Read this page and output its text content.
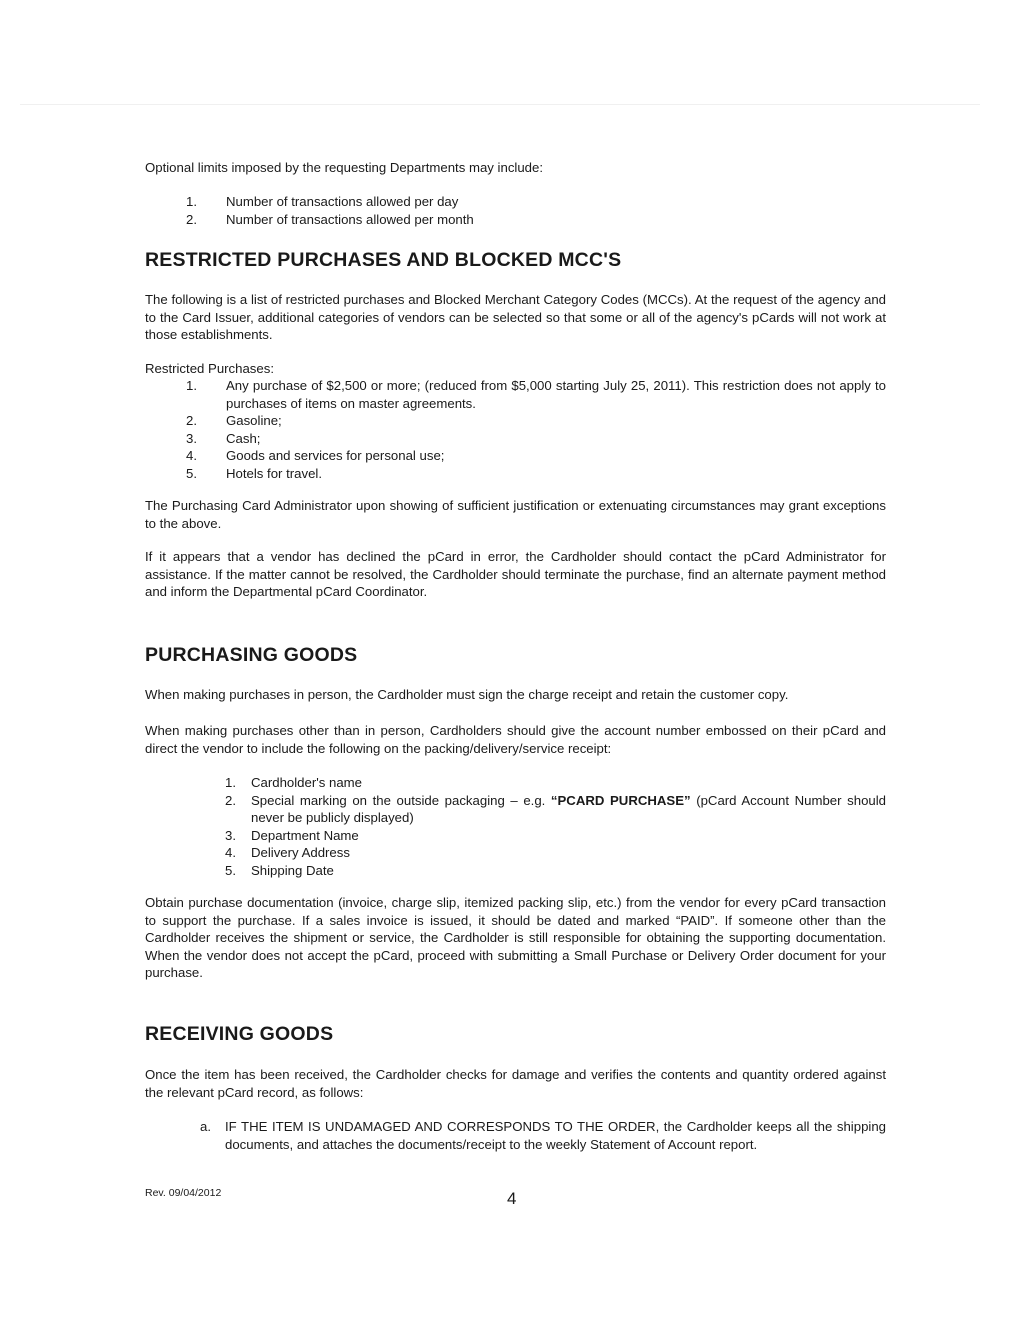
Optional limits imposed by the requesting Departments may include:

1. Number of transactions allowed per day
2. Number of transactions allowed per month
RESTRICTED PURCHASES AND BLOCKED MCC'S

The following is a list of restricted purchases and Blocked Merchant Category Codes (MCCs). At the request of the agency and to the Card Issuer, additional categories of vendors can be selected so that some or all of the agency's pCards will not work at those establishments.

Restricted Purchases:

1. Any purchase of $2,500 or more; (reduced from $5,000 starting July 25, 2011). This restriction does not apply to purchases of items on master agreements.
2. Gasoline;
3. Cash;
4. Goods and services for personal use;
5. Hotels for travel.

The Purchasing Card Administrator upon showing of sufficient justification or extenuating circumstances may grant exceptions to the above.

If it appears that a vendor has declined the pCard in error, the Cardholder should contact the pCard Administrator for assistance. If the matter cannot be resolved, the Cardholder should terminate the purchase, find an alternate payment method and inform the Departmental pCard Coordinator.

PURCHASING GOODS

When making purchases in person, the Cardholder must sign the charge receipt and retain the customer copy.

When making purchases other than in person, Cardholders should give the account number embossed on their pCard and direct the vendor to include the following on the packing/delivery/service receipt:

1. Cardholder's name
2. Special marking on the outside packaging – e.g. “PCARD PURCHASE” (pCard Account Number should never be publicly displayed)
3. Department Name
4. Delivery Address
5. Shipping Date

Obtain purchase documentation (invoice, charge slip, itemized packing slip, etc.) from the vendor for every pCard transaction to support the purchase. If a sales invoice is issued, it should be dated and marked “PAID”. If someone other than the Cardholder receives the shipment or service, the Cardholder is still responsible for obtaining the supporting documentation. When the vendor does not accept the pCard, proceed with submitting a Small Purchase or Delivery Order document for your purchase.

RECEIVING GOODS

Once the item has been received, the Cardholder checks for damage and verifies the contents and quantity ordered against the relevant pCard record, as follows:

a. IF THE ITEM IS UNDAMAGED AND CORRESPONDS TO THE ORDER, the Cardholder keeps all the shipping documents, and attaches the documents/receipt to the weekly Statement of Account report.
Rev. 09/04/2012	4
